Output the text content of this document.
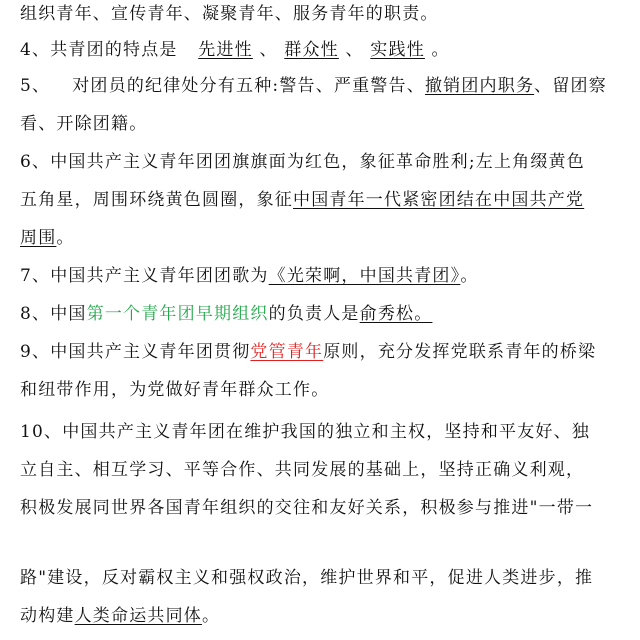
组织青年、宣传青年、凝聚青年、服务青年的职责。
4、共青团的特点是 先进性 、 群众性 、 实践性 。
5、 对团员的纪律处分有五种:警告、严重警告、撤销团内职务、留团察
看、开除团籍。
6、中国共产主义青年团团旗旗面为红色，象征革命胜利;左上角缀黄色
五角星，周围环绕黄色圆圈，象征中国青年一代紧密团结在中国共产党
周围。
7、中国共产主义青年团团歌为《光荣啊，中国共青团》。
8、中国第一个青年团早期组织的负责人是俞秀松。
9、中国共产主义青年团贯彻党管青年原则，充分发挥党联系青年的桥梁
和纽带作用，为党做好青年群众工作。
10、中国共产主义青年团在维护我国的独立和主权，坚持和平友好、独
立自主、相互学习、平等合作、共同发展的基础上，坚持正确义利观，
积极发展同世界各国青年组织的交往和友好关系，积极参与推进"一带一
路"建设，反对霸权主义和强权政治，维护世界和平，促进人类进步，推
动构建人类命运共同体。
